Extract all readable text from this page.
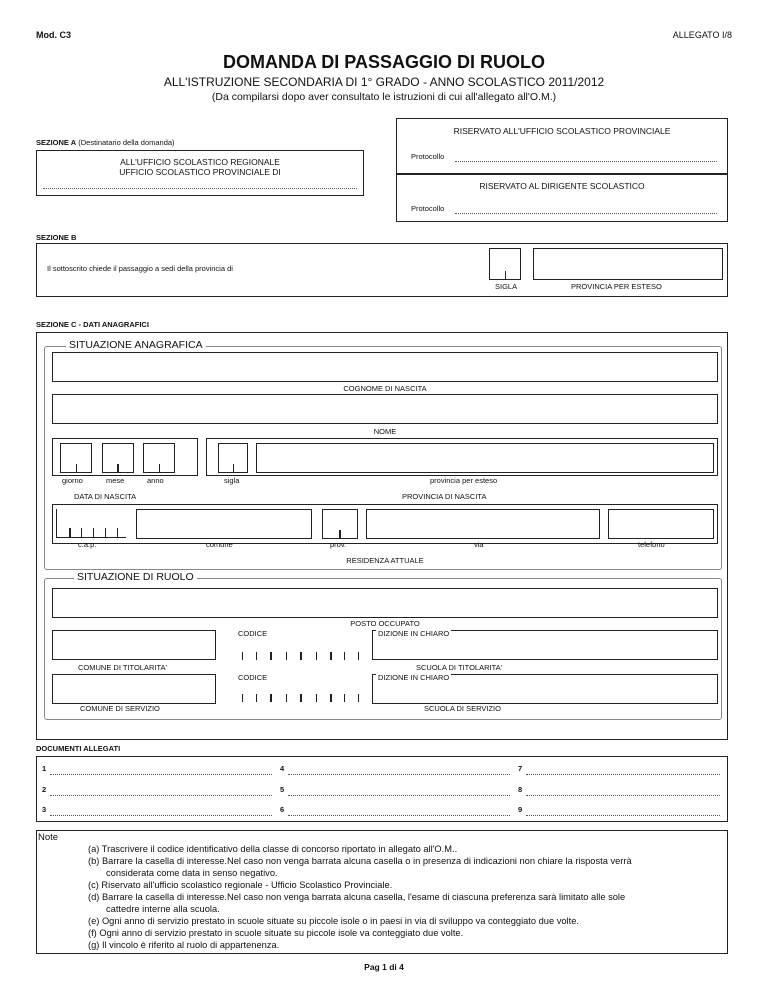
Mod. C3	ALLEGATO I/8
DOMANDA DI PASSAGGIO DI RUOLO
ALL'ISTRUZIONE SECONDARIA DI 1° GRADO - ANNO SCOLASTICO 2011/2012
(Da compilarsi dopo aver consultato le istruzioni di cui all'allegato all'O.M.)
RISERVATO ALL'UFFICIO SCOLASTICO PROVINCIALE
Protocollo
RISERVATO AL DIRIGENTE SCOLASTICO
Protocollo
SEZIONE A (Destinatario della domanda)
ALL'UFFICIO SCOLASTICO REGIONALE
UFFICIO SCOLASTICO PROVINCIALE DI
SEZIONE B
Il sottoscrito chiede il passaggio a sedi della provincia di
SIGLA	PROVINCIA PER ESTESO
SEZIONE C - DATI ANAGRAFICI
SITUAZIONE ANAGRAFICA
COGNOME DI NASCITA
NOME
giorno	mese	anno
DATA DI NASCITA
sigla	provincia per esteso
PROVINCIA DI NASCITA
c.a.p.	comune	prov.	via	telefono
RESIDENZA ATTUALE
SITUAZIONE DI RUOLO
POSTO OCCUPATO
COMUNE DI TITOLARITA'
CODICE	DIZIONE IN CHIARO
SCUOLA DI TITOLARITA'
COMUNE DI SERVIZIO
CODICE	DIZIONE IN CHIARO
SCUOLA DI SERVIZIO
DOCUMENTI ALLEGATI
1	4	7
2	5	8
3	6	9
Note
(a) Trascrivere il codice identificativo della classe di concorso riportato in allegato all'O.M..
(b) Barrare la casella di interesse.Nel caso non venga barrata alcuna casella o in presenza di indicazioni non chiare la risposta verrà
considerata come data in senso negativo.
(c) Riservato all'ufficio scolastico regionale - Ufficio Scolastico Provinciale.
(d) Barrare la casella di interesse.Nel caso non venga barrata alcuna casella, l'esame di ciascuna preferenza sarà limitato alle sole
cattedre interne alla scuola.
(e) Ogni anno di servizio prestato in scuole situate su piccole isole o in paesi in via di sviluppo va conteggiato due volte.
(f) Ogni anno di servizio prestato in scuole situate su piccole isole va conteggiato due volte.
(g) Il vincolo è riferito al ruolo di appartenenza.
Pag 1 di 4
